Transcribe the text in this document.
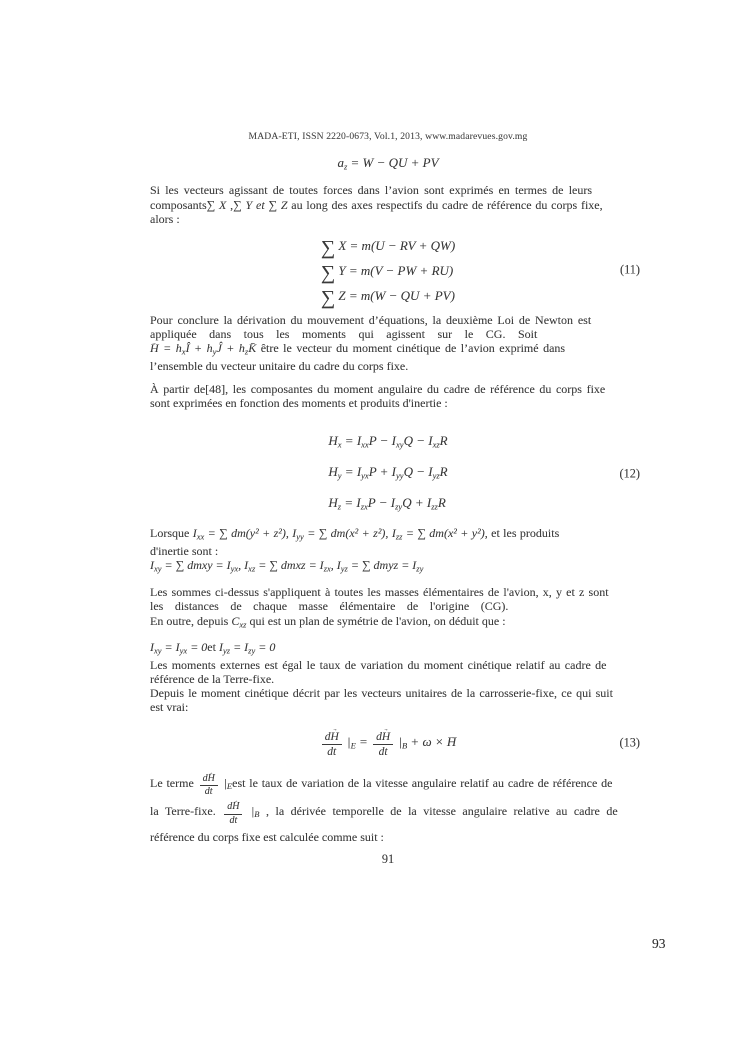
MADA-ETI, ISSN 2220-0673, Vol.1, 2013, www.madarevues.gov.mg
$a_z = W$ − QU + PV
Si les vecteurs agissant de toutes forces dans l’avion sont exprimés en termes de leurs
composants∑ X ,∑ Y et ∑ Z au long des axes respectifs du cadre de référence du corps fixe,
alors :
∑ X = m(U − RV + QW)
∑ Y = m(V − PW + RU)
∑ Z = m(W − QU + PV)
(11)
Pour conclure la dérivation du mouvement d’équations, la deuxième Loi de Newton est
appliquée dans tous les moments qui agissent sur le CG. Soit
H → = $h_xÎ$ + $h_yĴ$ + $h_zK̄$ être le vecteur du moment cinétique de l’avion exprimé dans
l’ensemble du vecteur unitaire du cadre du corps fixe.
À partir de[48], les composantes du moment angulaire du cadre de référence du corps fixe
sont exprimées en fonction des moments et produits d'inertie :
$H_x = I_{xx}P - I_{xy}Q - I_{xz}R$
$H_y = I_{yx}P + I_{yy}Q - I_{yz}R$
$H_z = I_{zx}P - I_{zy}Q + I_{zz}R$
(12)
Lorsque $I_{xx}$ = ∑ dm(y² + z²), $I_{yy}$ = ∑ dm(x² + z²), $I_{zz}$ = ∑ dm(x² + y²), et les produits
d'inertie sont :
$I_{xy}$ = ∑ dmxy = $I_{yx}$, $I_{xz}$ = ∑ dmxz = $I_{zx}$, $I_{yz}$ = ∑ dmyz = $I_{zy}$
Les sommes ci-dessus s'appliquent à toutes les masses élémentaires de l'avion, x, y et z sont
les distances de chaque masse élémentaire de l'origine (CG).
En outre, depuis $C_{xz}$ qui est un plan de symétrie de l'avion, on déduit que :
$I_{xy} = I_{yx} = 0et$ $I_{yz} = I_{zy} = 0$
Les moments externes est égal le taux de variation du moment cinétique relatif au cadre de
référence de la Terre-fixe.
Depuis le moment cinétique décrit par les vecteurs unitaires de la carrosserie-fixe, ce qui suit
est vrai:
$\frac{dH \to}{dt} |_E = \frac{dH \to}{dt} |_B + \omega \times H$ →	(13)
Le terme $\frac{dH \to}{dt} |_Eest$ le taux de variation de la vitesse angulaire relatif au cadre de référence de
la Terre-fixe. $\frac{dH \to}{dt} |_B$ , la dérivée temporelle de la vitesse angulaire relative au cadre de
référence du corps fixe est calculée comme suit :
91
93
